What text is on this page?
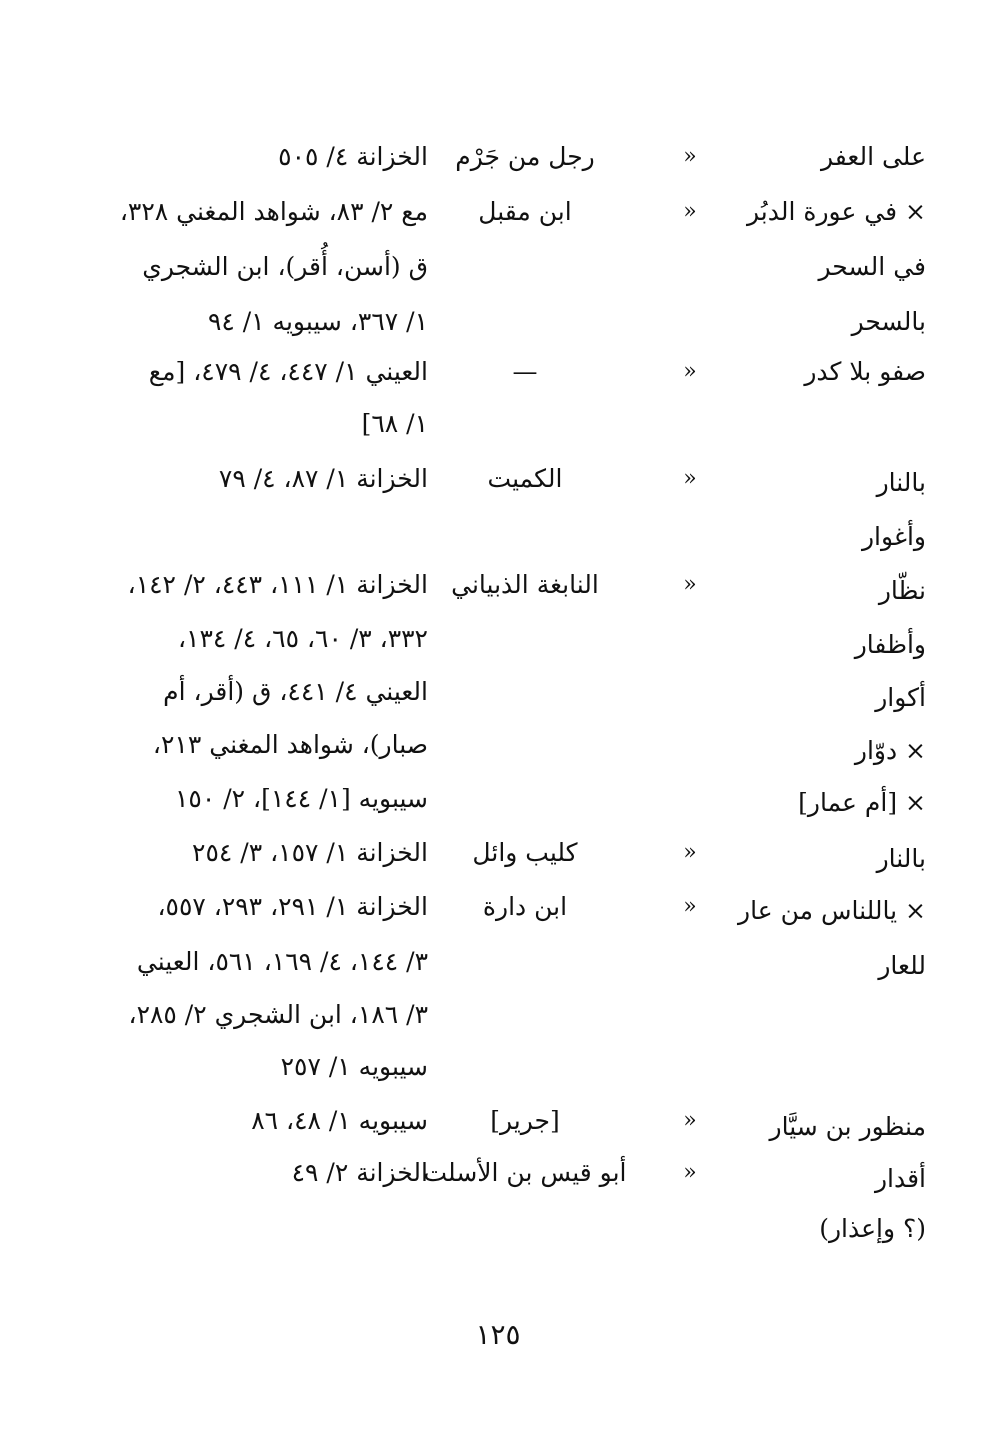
على العفر
«
رجل من جَرْم
الخزانة ٤/ ٥٠٥
× في عورة الدبُر
«
ابن مقبل
مع ٢/ ٨٣، شواهد المغني ٣٢٨،
في السحر
ق (أسن، أُقر)، ابن الشجري
بالسحر
١/ ٣٦٧، سيبويه ١/ ٩٤
صفو بلا كدر
«
—
العيني ١/ ٤٤٧، ٤/ ٤٧٩، [مع
١/ ٦٨]
بالنار
«
الكميت
الخزانة ١/ ٨٧، ٤/ ٧٩
وأغوار
نظّار
«
النابغة الذبياني
الخزانة ١/ ١١١، ٤٤٣، ٢/ ١٤٢،
وأظفار
٣٣٢، ٣/ ٦٠، ٦٥، ٤/ ١٣٤،
أكوار
العيني ٤/ ٤٤١، ق (أقر، أم
× دوّار
صبار)، شواهد المغني ٢١٣،
× [أم عمار]
سيبويه [١/ ١٤٤]، ٢/ ١٥٠
بالنار
«
كليب وائل
الخزانة ١/ ١٥٧، ٣/ ٢٥٤
× ياللناس من عار
«
ابن دارة
الخزانة ١/ ٢٩١، ٢٩٣، ٥٥٧،
للعار
٣/ ١٤٤، ٤/ ١٦٩، ٥٦١، العيني
٣/ ١٨٦، ابن الشجري ٢/ ٢٨٥،
سيبويه ١/ ٢٥٧
منظور بن سيَّار
«
[جرير]
سيبويه ١/ ٤٨، ٨٦
أقدار
«
أبو قيس بن الأسلت
الخزانة ٢/ ٤٩
(؟ وإعذار)
١٢٥
